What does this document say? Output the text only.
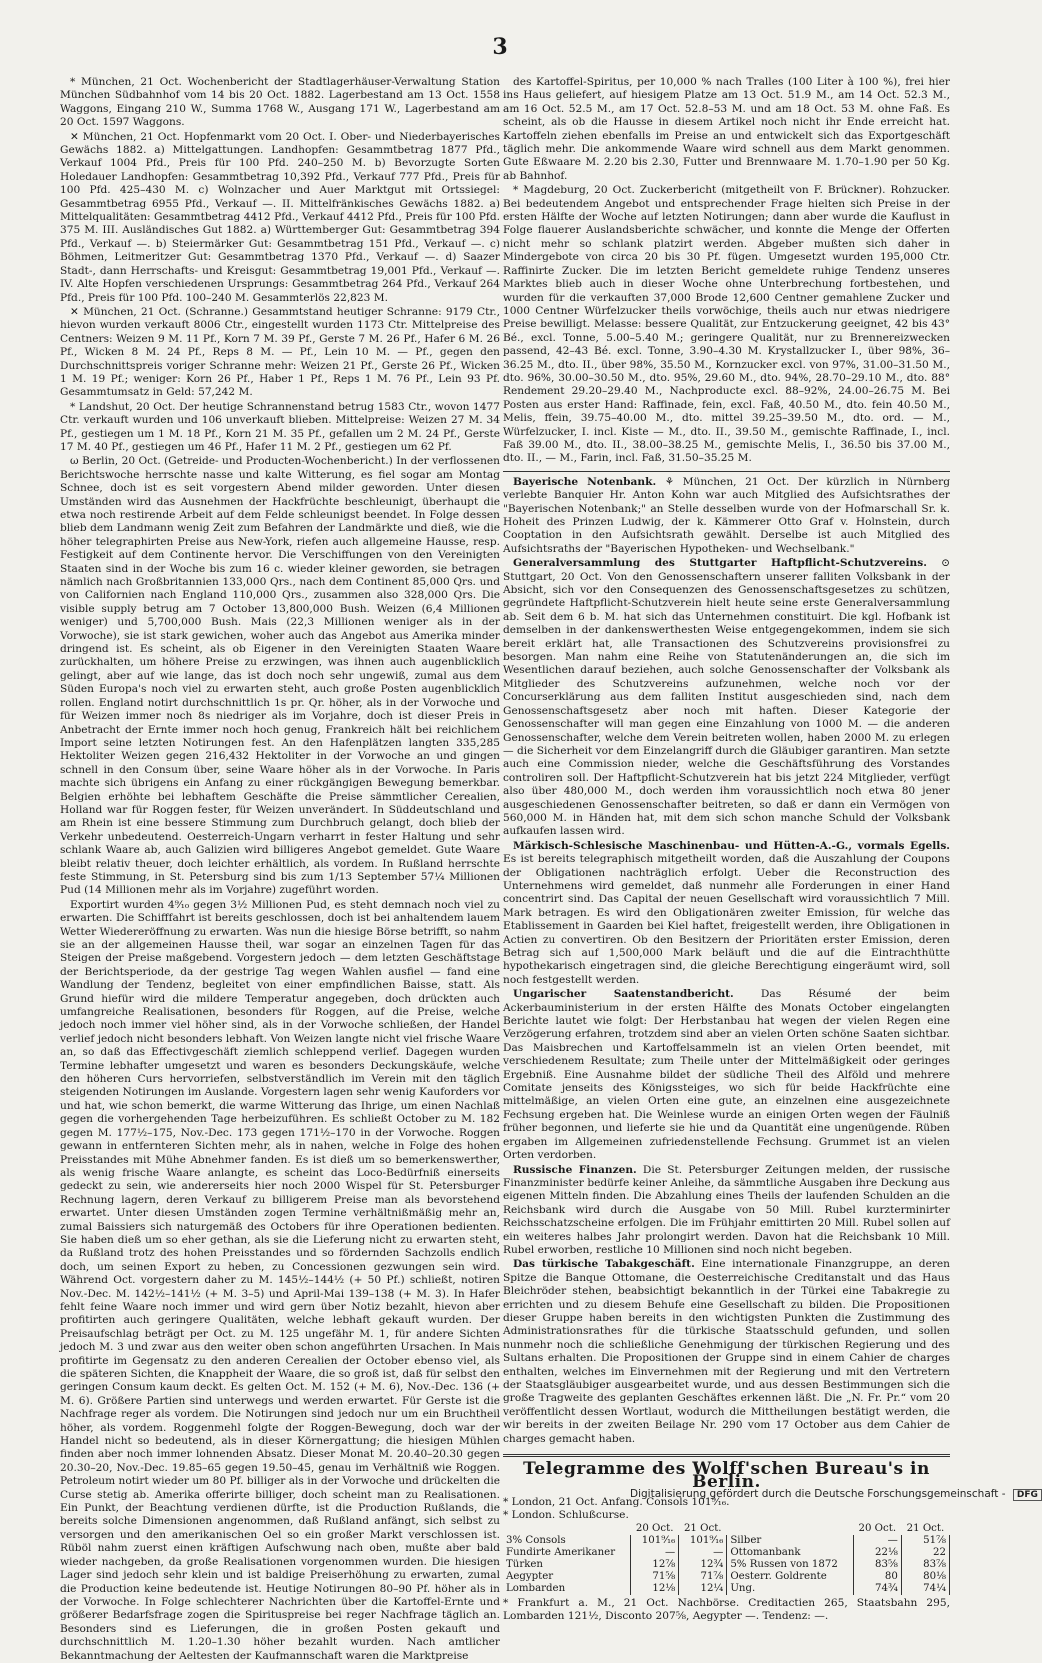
3

* München, 21 Oct. Wochenbericht der Stadtlagerhäuser-Verwaltung Station München Südbahnhof vom 14 bis 20 Oct. 1882. Lagerbestand am 13 Oct. 1558 Waggons, Eingang 210 W., Summa 1768 W., Ausgang 171 W., Lagerbestand am 20 Oct. 1597 Waggons.

✕ München, 21 Oct. Hopfenmarkt vom 20 Oct. I. Ober- und Niederbayerisches Gewächs 1882. a) Mittelgattungen. Landhopfen: Gesammtbetrag 1877 Pfd., Verkauf 1004 Pfd., Preis für 100 Pfd. 240–250 M. b) Bevorzugte Sorten Holedauer Landhopfen: Gesammtbetrag 10,392 Pfd., Verkauf 777 Pfd., Preis für 100 Pfd. 425–430 M. c) Wolnzacher und Auer Marktgut mit Ortssiegel: Gesammtbetrag 6955 Pfd., Verkauf —. II. Mittelfränkisches Gewächs 1882. a) Mittelqualitäten: Gesammtbetrag 4412 Pfd., Verkauf 4412 Pfd., Preis für 100 Pfd. 375 M. III. Ausländisches Gut 1882. a) Württemberger Gut: Gesammtbetrag 394 Pfd., Verkauf —. b) Steiermärker Gut: Gesammtbetrag 151 Pfd., Verkauf —. c) Böhmen, Leitmeritzer Gut: Gesammtbetrag 1370 Pfd., Verkauf —. d) Saazer Stadt-, dann Herrschafts- und Kreisgut: Gesammtbetrag 19,001 Pfd., Verkauf —. IV. Alte Hopfen verschiedenen Ursprungs: Gesammtbetrag 264 Pfd., Verkauf 264 Pfd., Preis für 100 Pfd. 100–240 M. Gesammterlös 22,823 M.

✕ München, 21 Oct. (Schranne.) Gesammtstand heutiger Schranne: 9179 Ctr., hievon wurden verkauft 8006 Ctr., eingestellt wurden 1173 Ctr. Mittelpreise des Centners: Weizen 9 M. 11 Pf., Korn 7 M. 39 Pf., Gerste 7 M. 26 Pf., Hafer 6 M. 26 Pf., Wicken 8 M. 24 Pf., Reps 8 M. — Pf., Lein 10 M. — Pf., gegen den Durchschnittspreis voriger Schranne mehr: Weizen 21 Pf., Gerste 26 Pf., Wicken 1 M. 19 Pf.; weniger: Korn 26 Pf., Haber 1 Pf., Reps 1 M. 76 Pf., Lein 93 Pf. Gesammtumsatz in Geld: 57,242 M.

* Landshut, 20 Oct. Der heutige Schrannenstand betrug 1583 Ctr., wovon 1477 Ctr. verkauft wurden und 106 unverkauft blieben. Mittelpreise: Weizen 27 M. 34 Pf., gestiegen um 1 M. 18 Pf., Korn 21 M. 35 Pf., gefallen um 2 M. 24 Pf., Gerste 17 M. 40 Pf., gestiegen um 46 Pf., Hafer 11 M. 2 Pf., gestiegen um 62 Pf.

ω Berlin, 20 Oct. (Getreide- und Producten-Wochenbericht.) In der verflossenen Berichtswoche herrschte nasse und kalte Witterung, es fiel sogar am Montag Schnee, doch ist es seit vorgestern Abend milder geworden. Unter diesen Umständen wird das Ausnehmen der Hackfrüchte beschleunigt, überhaupt die etwa noch restirende Arbeit auf dem Felde schleunigst beendet. In Folge dessen blieb dem Landmann wenig Zeit zum Befahren der Landmärkte und dieß, wie die höher telegraphirten Preise aus New-York, riefen auch allgemeine Hausse, resp. Festigkeit auf dem Continente hervor. Die Verschiffungen von den Vereinigten Staaten sind in der Woche bis zum 16 c. wieder kleiner geworden, sie betragen nämlich nach Großbritannien 133,000 Qrs., nach dem Continent 85,000 Qrs. und von Californien nach England 110,000 Qrs., zusammen also 328,000 Qrs. Die visible supply betrug am 7 October 13,800,000 Bush. Weizen (6,4 Millionen weniger) und 5,700,000 Bush. Mais (22,3 Millionen weniger als in der Vorwoche), sie ist stark gewichen, woher auch das Angebot aus Amerika minder dringend ist. Es scheint, als ob Eigener in den Vereinigten Staaten Waare zurückhalten, um höhere Preise zu erzwingen, was ihnen auch augenblicklich gelingt, aber auf wie lange, das ist doch noch sehr ungewiß, zumal aus dem Süden Europa's noch viel zu erwarten steht, auch große Posten augenblicklich rollen. England notirt durchschnittlich 1s pr. Qr. höher, als in der Vorwoche und für Weizen immer noch 8s niedriger als im Vorjahre, doch ist dieser Preis in Anbetracht der Ernte immer noch hoch genug, Frankreich hält bei reichlichem Import seine letzten Notirungen fest. An den Hafenplätzen langten 335,285 Hektoliter Weizen gegen 216,432 Hektoliter in der Vorwoche an und gingen schnell in den Consum über, seine Waare höher als in der Vorwoche. In Paris machte sich übrigens ein Anfang zu einer rückgängigen Bewegung bemerkbar. Belgien erhöhte bei lebhaftem Geschäfte die Preise sämmtlicher Cerealien, Holland war für Roggen fester, für Weizen unverändert. In Süddeutschland und am Rhein ist eine bessere Stimmung zum Durchbruch gelangt, doch blieb der Verkehr unbedeutend. Oesterreich-Ungarn verharrt in fester Haltung und sehr schlank Waare ab, auch Galizien wird billigeres Angebot gemeldet. Gute Waare bleibt relativ theuer, doch leichter erhältlich, als vordem. In Rußland herrschte feste Stimmung, in St. Petersburg sind bis zum 1/13 September 57¼ Millionen Pud (14 Millionen mehr als im Vorjahre) zugeführt worden.

Exportirt wurden 4⁹⁄₁₀ gegen 3½ Millionen Pud, es steht demnach noch viel zu erwarten. Die Schifffahrt ist bereits geschlossen, doch ist bei anhaltendem lauem Wetter Wiedereröffnung zu erwarten. Was nun die hiesige Börse betrifft, so nahm sie an der allgemeinen Hausse theil, war sogar an einzelnen Tagen für das Steigen der Preise maßgebend. Vorgestern jedoch — dem letzten Geschäftstage der Berichtsperiode, da der gestrige Tag wegen Wahlen ausfiel — fand eine Wandlung der Tendenz, begleitet von einer empfindlichen Baisse, statt. Als Grund hiefür wird die mildere Temperatur angegeben, doch drückten auch umfangreiche Realisationen, besonders für Roggen, auf die Preise, welche jedoch noch immer viel höher sind, als in der Vorwoche schließen, der Handel verlief jedoch nicht besonders lebhaft. Von Weizen langte nicht viel frische Waare an, so daß das Effectivgeschäft ziemlich schleppend verlief. Dagegen wurden Termine lebhafter umgesetzt und waren es besonders Deckungskäufe, welche den höheren Curs hervorriefen, selbstverständlich im Verein mit den täglich steigenden Notirungen im Auslande. Vorgestern lagen sehr wenig Kauforders vor und hat, wie schon bemerkt, die warme Witterung das Ihrige, um einen Nachlaß gegen die vorhergehenden Tage herbeizuführen. Es schließt October zu M. 182 gegen M. 177½–175, Nov.-Dec. 173 gegen 171½–170 in der Vorwoche. Roggen gewann in entfernteren Sichten mehr, als in nahen, welche in Folge des hohen Preisstandes mit Mühe Abnehmer fanden. Es ist dieß um so bemerkenswerther, als wenig frische Waare anlangte, es scheint das Loco-Bedürfniß einerseits gedeckt zu sein, wie andererseits hier noch 2000 Wispel für St. Petersburger Rechnung lagern, deren Verkauf zu billigerem Preise man als bevorstehend erwartet. Unter diesen Umständen zogen Termine verhältnißmäßig mehr an, zumal Baissiers sich naturgemäß des Octobers für ihre Operationen bedienten. Sie haben dieß um so eher gethan, als sie die Lieferung nicht zu erwarten steht, da Rußland trotz des hohen Preisstandes und so fördernden Sachzolls endlich doch, um seinen Export zu heben, zu Concessionen gezwungen sein wird. Während Oct. vorgestern daher zu M. 145½–144½ (+ 50 Pf.) schließt, notiren Nov.-Dec. M. 142½–141½ (+ M. 3–5) und April-Mai 139–138 (+ M. 3). In Hafer fehlt feine Waare noch immer und wird gern über Notiz bezahlt, hievon aber profitirten auch geringere Qualitäten, welche lebhaft gekauft wurden. Der Preisaufschlag beträgt per Oct. zu M. 125 ungefähr M. 1, für andere Sichten jedoch M. 3 und zwar aus den weiter oben schon angeführten Ursachen. In Mais profitirte im Gegensatz zu den anderen Cerealien der October ebenso viel, als die späteren Sichten, die Knappheit der Waare, die so groß ist, daß für selbst den geringen Consum kaum deckt. Es gelten Oct. M. 152 (+ M. 6), Nov.-Dec. 136 (+ M. 6). Größere Partien sind unterwegs und werden erwartet. Für Gerste ist die Nachfrage reger als vordem. Die Notirungen sind jedoch nur um ein Bruchtheil höher, als vordem. Roggenmehl folgte der Roggen-Bewegung, doch war der Handel nicht so bedeutend, als in dieser Körnergattung; die hiesigen Mühlen finden aber noch immer lohnenden Absatz. Dieser Monat M. 20.40–20.30 gegen 20.30–20, Nov.-Dec. 19.85–65 gegen 19.50–45, genau im Verhältniß wie Roggen. Petroleum notirt wieder um 80 Pf. billiger als in der Vorwoche und drückelten die Curse stetig ab. Amerika offerirte billiger, doch scheint man zu Realisationen. Ein Punkt, der Beachtung verdienen dürfte, ist die Production Rußlands, die bereits solche Dimensionen angenommen, daß Rußland anfängt, sich selbst zu versorgen und den amerikanischen Oel so ein großer Markt verschlossen ist. Rüböl nahm zuerst einen kräftigen Aufschwung nach oben, mußte aber bald wieder nachgeben, da große Realisationen vorgenommen wurden. Die hiesigen Lager sind jedoch sehr klein und ist baldige Preiserhöhung zu erwarten, zumal die Production keine bedeutende ist. Heutige Notirungen 80–90 Pf. höher als in der Vorwoche. In Folge schlechterer Nachrichten über die Kartoffel-Ernte und größerer Bedarfsfrage zogen die Spirituspreise bei reger Nachfrage täglich an. Besonders sind es Lieferungen, die in großen Posten gekauft und durchschnittlich M. 1.20–1.30 höher bezahlt wurden. Nach amtlicher Bekanntmachung der Aeltesten der Kaufmannschaft waren die Marktpreise

des Kartoffel-Spiritus, per 10,000 % nach Tralles (100 Liter à 100 %), frei hier ins Haus geliefert, auf hiesigem Platze am 13 Oct. 51.9 M., am 14 Oct. 52.3 M., am 16 Oct. 52.5 M., am 17 Oct. 52.8–53 M. und am 18 Oct. 53 M. ohne Faß. Es scheint, als ob die Hausse in diesem Artikel noch nicht ihr Ende erreicht hat. Kartoffeln ziehen ebenfalls im Preise an und entwickelt sich das Exportgeschäft täglich mehr. Die ankommende Waare wird schnell aus dem Markt genommen. Gute Eßwaare M. 2.20 bis 2.30, Futter und Brennwaare M. 1.70–1.90 per 50 Kg. ab Bahnhof.

* Magdeburg, 20 Oct. Zuckerbericht (mitgetheilt von F. Brückner). Rohzucker. Bei bedeutendem Angebot und entsprechender Frage hielten sich Preise in der ersten Hälfte der Woche auf letzten Notirungen; dann aber wurde die Kauflust in Folge flauerer Auslandsberichte schwächer, und konnte die Menge der Offerten nicht mehr so schlank platzirt werden. Abgeber mußten sich daher in Mindergebote von circa 20 bis 30 Pf. fügen. Umgesetzt wurden 195,000 Ctr. Raffinirte Zucker. Die im letzten Bericht gemeldete ruhige Tendenz unseres Marktes blieb auch in dieser Woche ohne Unterbrechung fortbestehen, und wurden für die verkauften 37,000 Brode 12,600 Centner gemahlene Zucker und 1000 Centner Würfelzucker theils vorwöchige, theils auch nur etwas niedrigere Preise bewilligt. Melasse: bessere Qualität, zur Entzuckerung geeignet, 42 bis 43° Bé., excl. Tonne, 5.00–5.40 M.; geringere Qualität, nur zu Brennereizwecken passend, 42–43 Bé. excl. Tonne, 3.90–4.30 M. Krystallzucker I., über 98%, 36–36.25 M., dto. II., über 98%, 35.50 M., Kornzucker excl. von 97%, 31.00–31.50 M., dto. 96%, 30.00–30.50 M., dto. 95%, 29.60 M., dto. 94%, 28.70–29.10 M., dto. 88° Rendement 29.20–29.40 M., Nachproducte excl. 88–92%, 24.00–26.75 M. Bei Posten aus erster Hand: Raffinade, fein, excl. Faß, 40.50 M., dto. fein 40.50 M., Melis, ffein, 39.75–40.00 M., dto. mittel 39.25–39.50 M., dto. ord. — M., Würfelzucker, I. incl. Kiste — M., dto. II., 39.50 M., gemischte Raffinade, I., incl. Faß 39.00 M., dto. II., 38.00–38.25 M., gemischte Melis, I., 36.50 bis 37.00 M., dto. II., — M., Farin, incl. Faß, 31.50–35.25 M.

Bayerische Notenbank. ⚘ München, 21 Oct. Der kürzlich in Nürnberg verlebte Banquier Hr. Anton Kohn war auch Mitglied des Aufsichtsrathes der "Bayerischen Notenbank;" an Stelle desselben wurde von der Hofmarschall Sr. k. Hoheit des Prinzen Ludwig, der k. Kämmerer Otto Graf v. Holnstein, durch Cooptation in den Aufsichtsrath gewählt. Derselbe ist auch Mitglied des Aufsichtsraths der "Bayerischen Hypotheken- und Wechselbank."

Generalversammlung des Stuttgarter Haftpflicht-Schutzvereins. ⊙ Stuttgart, 20 Oct. Von den Genossenschaftern unserer falliten Volksbank in der Absicht, sich vor den Consequenzen des Genossenschaftsgesetzes zu schützen, gegründete Haftpflicht-Schutzverein hielt heute seine erste Generalversammlung ab. Seit dem 6 b. M. hat sich das Unternehmen constituirt. Die kgl. Hofbank ist demselben in der dankenswerthesten Weise entgegengekommen, indem sie sich bereit erklärt hat, alle Transactionen des Schutzvereins provisionsfrei zu besorgen. Man nahm eine Reihe von Statutenänderungen an, die sich im Wesentlichen darauf beziehen, auch solche Genossenschafter der Volksbank als Mitglieder des Schutzvereins aufzunehmen, welche noch vor der Concurserklärung aus dem falliten Institut ausgeschieden sind, nach dem Genossenschaftsgesetz aber noch mit haften. Dieser Kategorie der Genossenschafter will man gegen eine Einzahlung von 1000 M. — die anderen Genossenschafter, welche dem Verein beitreten wollen, haben 2000 M. zu erlegen — die Sicherheit vor dem Einzelangriff durch die Gläubiger garantiren. Man setzte auch eine Commission nieder, welche die Geschäftsführung des Vorstandes controliren soll. Der Haftpflicht-Schutzverein hat bis jetzt 224 Mitglieder, verfügt also über 480,000 M., doch werden ihm voraussichtlich noch etwa 80 jener ausgeschiedenen Genossenschafter beitreten, so daß er dann ein Vermögen von 560,000 M. in Händen hat, mit dem sich schon manche Schuld der Volksbank aufkaufen lassen wird.

Märkisch-Schlesische Maschinenbau- und Hütten-A.-G., vormals Egells. Es ist bereits telegraphisch mitgetheilt worden, daß die Auszahlung der Coupons der Obligationen nachträglich erfolgt. Ueber die Reconstruction des Unternehmens wird gemeldet, daß nunmehr alle Forderungen in einer Hand concentrirt sind. Das Capital der neuen Gesellschaft wird voraussichtlich 7 Mill. Mark betragen. Es wird den Obligationären zweiter Emission, für welche das Etablissement in Gaarden bei Kiel haftet, freigestellt werden, ihre Obligationen in Actien zu convertiren. Ob den Besitzern der Prioritäten erster Emission, deren Betrag sich auf 1,500,000 Mark beläuft und die auf die Eintrachthütte hypothekarisch eingetragen sind, die gleiche Berechtigung eingeräumt wird, soll noch festgestellt werden.

Ungarischer Saatenstandbericht.	Das Résumé der beim Ackerbauministerium in der ersten Hälfte des Monats October eingelangten Berichte lautet wie folgt: Der Herbstanbau hat wegen der vielen Regen eine Verzögerung erfahren, trotzdem sind aber an vielen Orten schöne Saaten sichtbar. Das Maisbrechen und Kartoffelsammeln ist an vielen Orten beendet, mit verschiedenem Resultate; zum Theile unter der Mittelmäßigkeit oder geringes Ergebniß. Eine Ausnahme bildet der südliche Theil des Alföld und mehrere Comitate jenseits des Königssteiges, wo sich für beide Hackfrüchte eine mittelmäßige, an vielen Orten eine gute, an einzelnen eine ausgezeichnete Fechsung ergeben hat. Die Weinlese wurde an einigen Orten wegen der Fäulniß früher begonnen, und lieferte sie hie und da Quantität eine ungenügende. Rüben ergaben im Allgemeinen zufriedenstellende Fechsung. Grummet ist an vielen Orten verdorben.

Russische Finanzen. Die St. Petersburger Zeitungen melden, der russische Finanzminister bedürfe keiner Anleihe, da sämmtliche Ausgaben ihre Deckung aus eigenen Mitteln finden. Die Abzahlung eines Theils der laufenden Schulden an die Reichsbank wird durch die Ausgabe von 50 Mill. Rubel kurzterminirter Reichsschatzscheine erfolgen. Die im Frühjahr emittirten 20 Mill. Rubel sollen auf ein weiteres halbes Jahr prolongirt werden. Davon hat die Reichsbank 10 Mill. Rubel erworben, restliche 10 Millionen sind noch nicht begeben.

Das türkische Tabakgeschäft. Eine internationale Finanzgruppe, an deren Spitze die Banque Ottomane, die Oesterreichische Creditanstalt und das Haus Bleichröder stehen, beabsichtigt bekanntlich in der Türkei eine Tabakregie zu errichten und zu diesem Behufe eine Gesellschaft zu bilden. Die Propositionen dieser Gruppe haben bereits in den wichtigsten Punkten die Zustimmung des Administrationsrathes für die türkische Staatsschuld gefunden, und sollen nunmehr noch die schließliche Genehmigung der türkischen Regierung und des Sultans erhalten. Die Propositionen der Gruppe sind in einem Cahier de charges enthalten, welches im Einvernehmen mit der Regierung und mit den Vertretern der Staatsgläubiger ausgearbeitet wurde, und aus dessen Bestimmungen sich die große Tragweite des geplanten Geschäftes erkennen läßt. Die „N. Fr. Pr.“ vom 20 veröffentlicht dessen Wortlaut, wodurch die Mittheilungen bestätigt werden, die wir bereits in der zweiten Beilage Nr. 290 vom 17 October aus dem Cahier de charges gemacht haben.

Telegramme des Wolff'schen Bureau's in Berlin.
* London, 21 Oct. Anfang. Consols 101⁹⁄₁₆.
* London. Schlußcurse.
	20 Oct.	21 Oct.		20 Oct.	21 Oct.
3% Consols	101⁹⁄₁₆	101⁹⁄₁₆	Silber	—	51⅞
Fundirte Amerikaner	—	—	Ottomanbank	22⅛	22
Türken	12⅞	12¾	5% Russen von 1872	83⅝	83⅞
Aegypter	71⅝	71⅞	Oesterr. Goldrente	80	80⅛
Lombarden	12⅛	12¼	Ung.	74¾	74¼
* Frankfurt a. M., 21 Oct. Nachbörse. Creditactien 265, Staatsbahn 295, Lombarden 121½, Disconto 207⅝, Aegypter —. Tendenz: —.
Digitalisierung gefördert durch die Deutsche Forschungsgemeinschaft - DFG
